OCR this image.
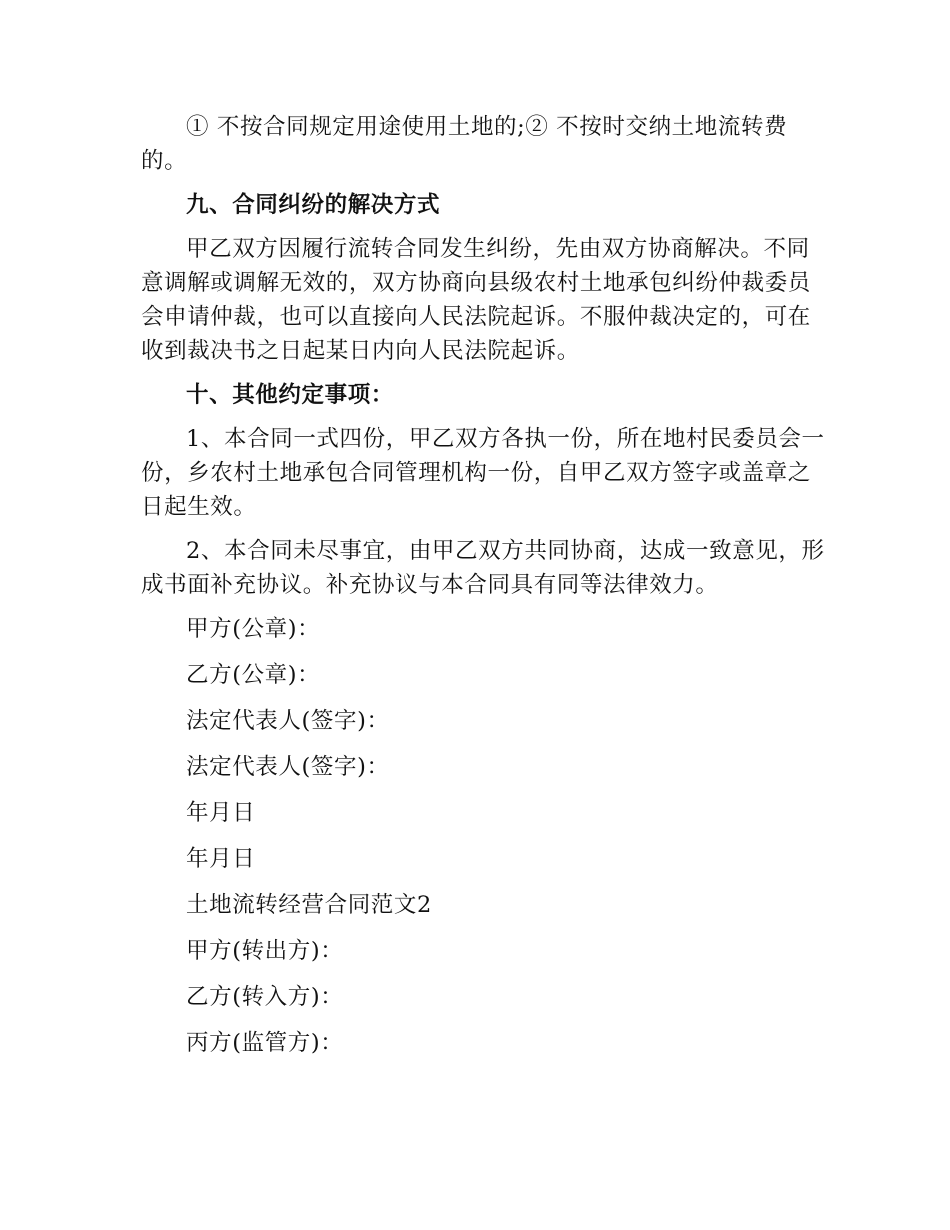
① 不按合同规定用途使用土地的;② 不按时交纳土地流转费的。

九、合同纠纷的解决方式

甲乙双方因履行流转合同发生纠纷，先由双方协商解决。不同意调解或调解无效的，双方协商向县级农村土地承包纠纷仲裁委员会申请仲裁，也可以直接向人民法院起诉。不服仲裁决定的，可在收到裁决书之日起某日内向人民法院起诉。

十、其他约定事项：

1、本合同一式四份，甲乙双方各执一份，所在地村民委员会一份，乡农村土地承包合同管理机构一份，自甲乙双方签字或盖章之日起生效。

2、本合同未尽事宜，由甲乙双方共同协商，达成一致意见，形成书面补充协议。补充协议与本合同具有同等法律效力。

甲方(公章)：

乙方(公章)：

法定代表人(签字)：

法定代表人(签字)：

年月日

年月日

土地流转经营合同范文2

甲方(转出方)：

乙方(转入方)：

丙方(监管方)：
